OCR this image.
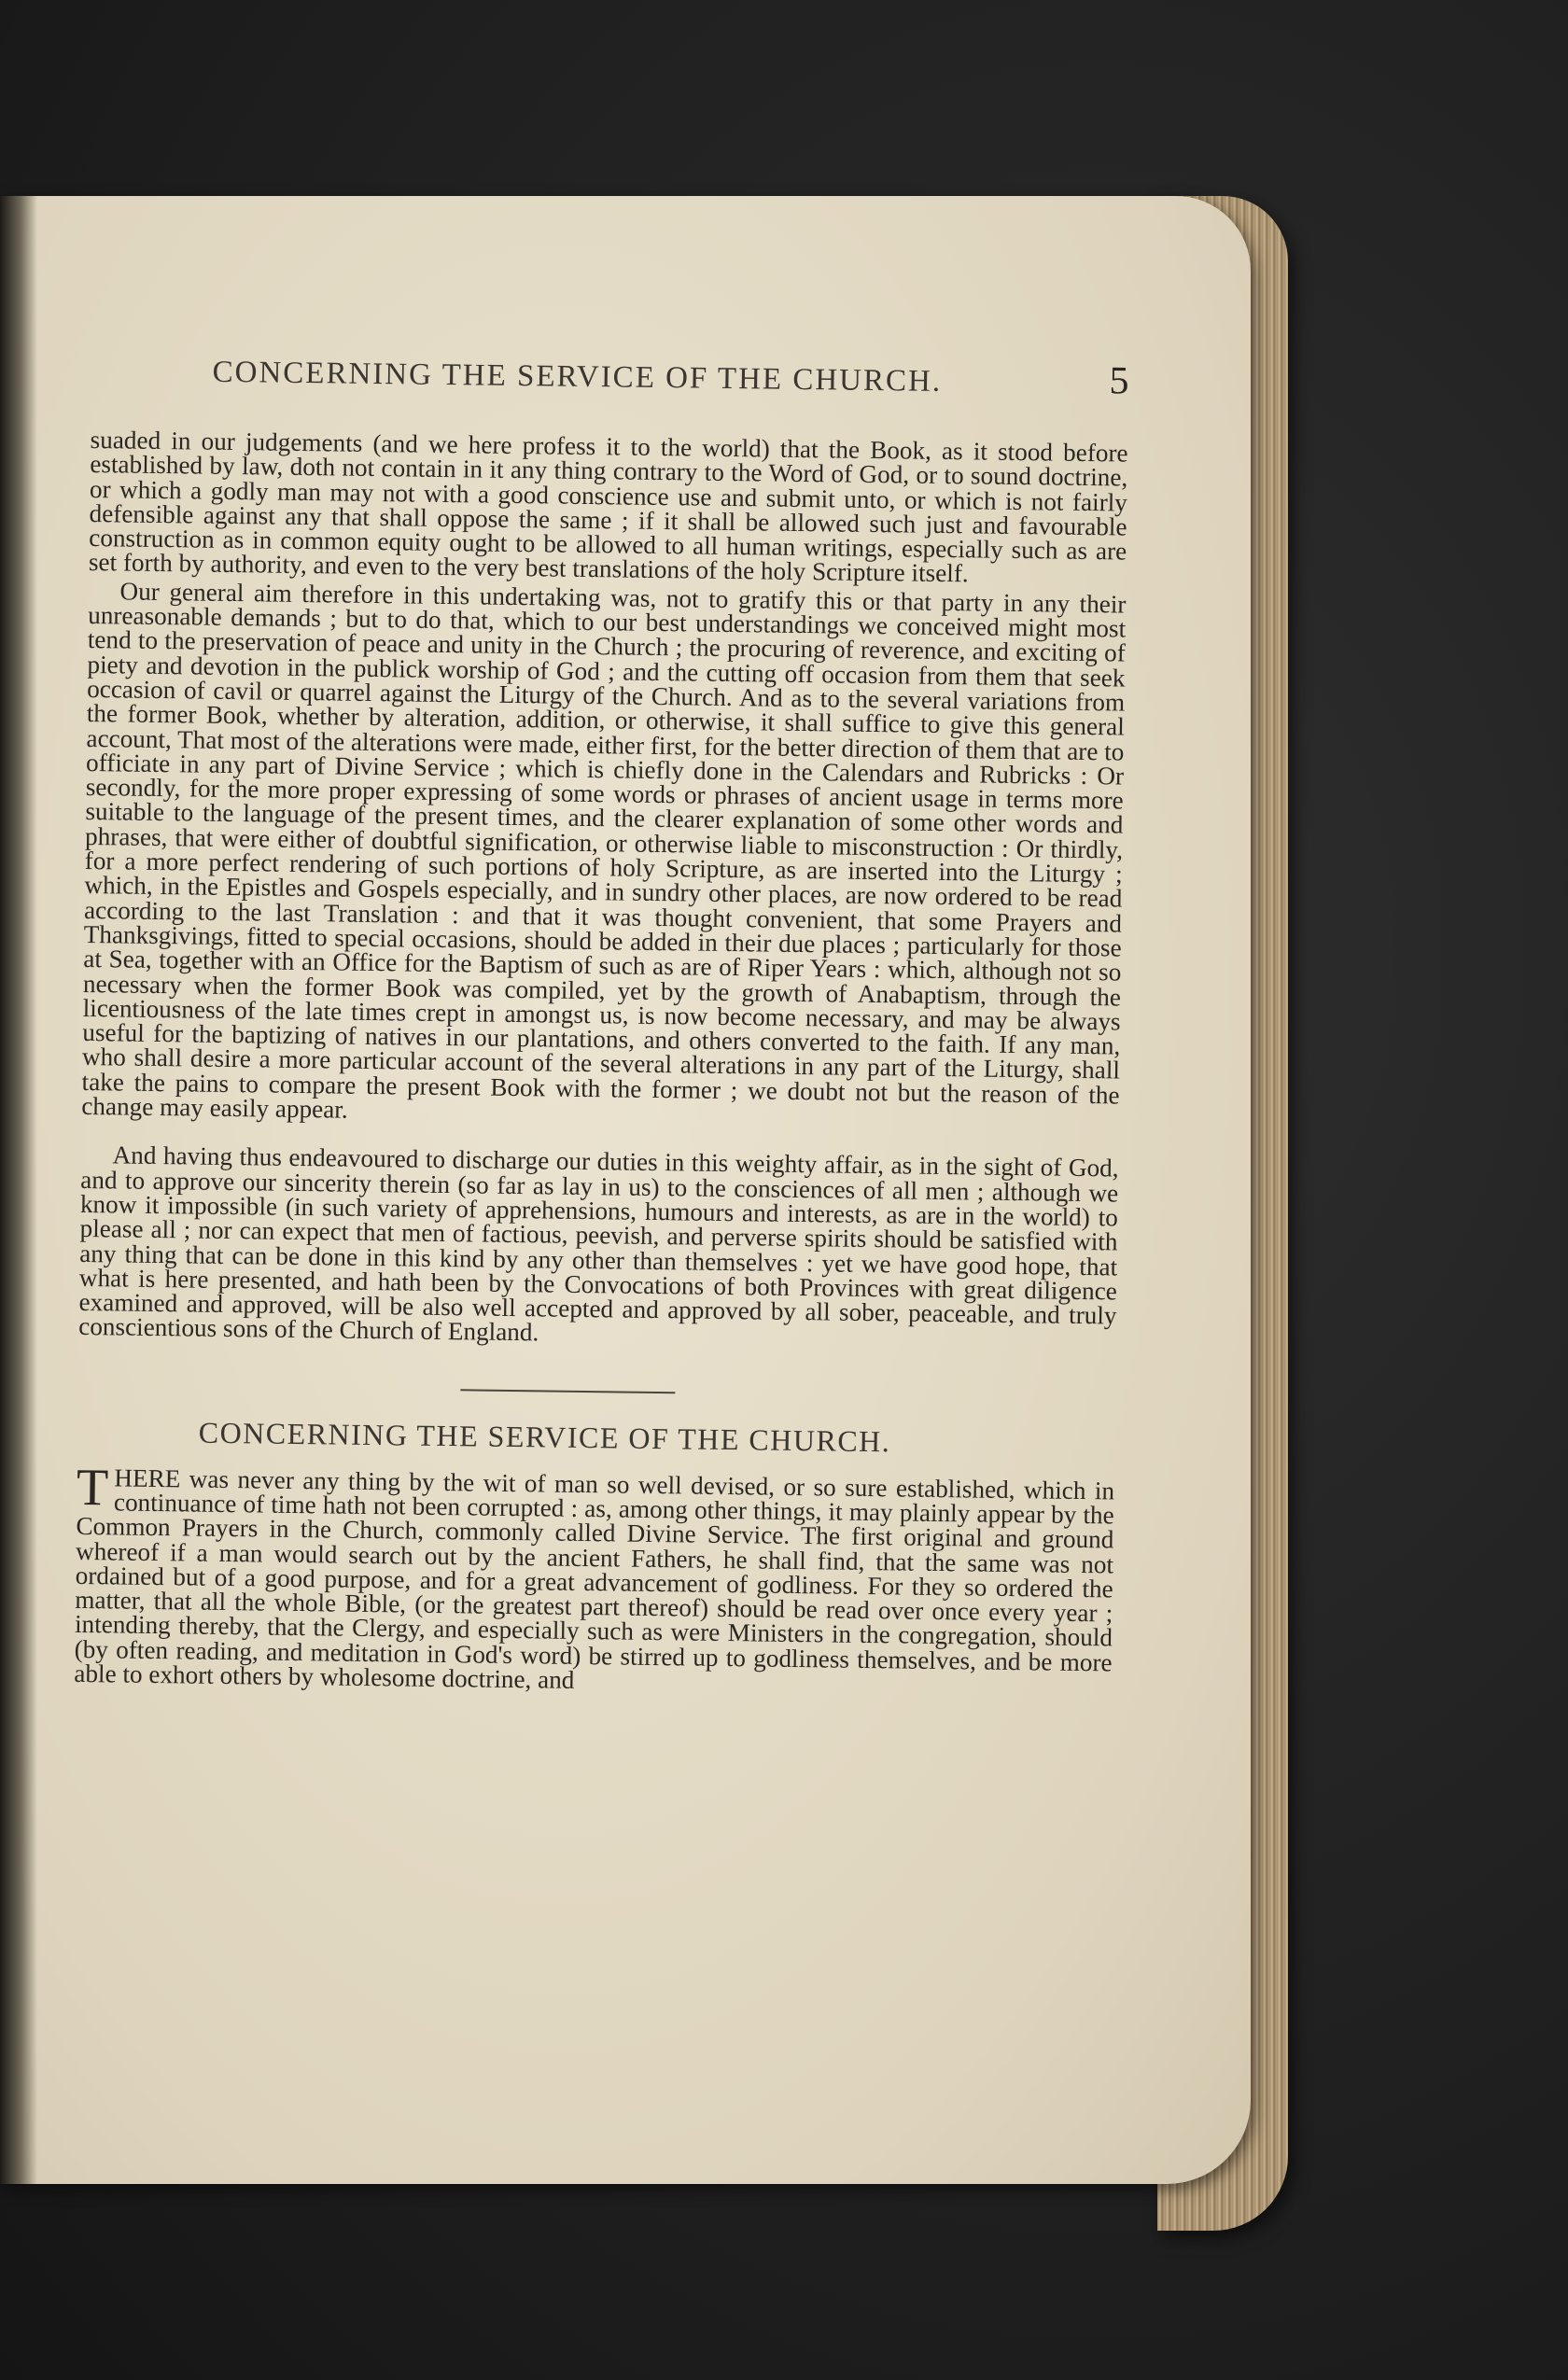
CONCERNING THE SERVICE OF THE CHURCH.	5

suaded in our judgements (and we here profess it to the world) that the Book, as it stood before established by law, doth not contain in it any thing contrary to the Word of God, or to sound doctrine, or which a godly man may not with a good conscience use and submit unto, or which is not fairly defensible against any that shall oppose the same ; if it shall be allowed such just and favourable construction as in common equity ought to be allowed to all human writings, especially such as are set forth by authority, and even to the very best translations of the holy Scripture itself.

Our general aim therefore in this undertaking was, not to gratify this or that party in any their unreasonable demands ; but to do that, which to our best understandings we conceived might most tend to the preservation of peace and unity in the Church ; the procuring of reverence, and exciting of piety and devotion in the publick worship of God ; and the cutting off occasion from them that seek occasion of cavil or quarrel against the Liturgy of the Church. And as to the several variations from the former Book, whether by alteration, addition, or otherwise, it shall suffice to give this general account, That most of the alterations were made, either first, for the better direction of them that are to officiate in any part of Divine Service ; which is chiefly done in the Calendars and Rubricks : Or secondly, for the more proper expressing of some words or phrases of ancient usage in terms more suitable to the language of the present times, and the clearer explanation of some other words and phrases, that were either of doubtful signification, or otherwise liable to misconstruction : Or thirdly, for a more perfect rendering of such portions of holy Scripture, as are inserted into the Liturgy ; which, in the Epistles and Gospels especially, and in sundry other places, are now ordered to be read according to the last Translation : and that it was thought convenient, that some Prayers and Thanksgivings, fitted to special occasions, should be added in their due places ; particularly for those at Sea, together with an Office for the Baptism of such as are of Riper Years : which, although not so necessary when the former Book was compiled, yet by the growth of Anabaptism, through the licentiousness of the late times crept in amongst us, is now become necessary, and may be always useful for the baptizing of natives in our plantations, and others converted to the faith. If any man, who shall desire a more particular account of the several alterations in any part of the Liturgy, shall take the pains to compare the present Book with the former ; we doubt not but the reason of the change may easily appear.

And having thus endeavoured to discharge our duties in this weighty affair, as in the sight of God, and to approve our sincerity therein (so far as lay in us) to the consciences of all men ; although we know it impossible (in such variety of apprehensions, humours and interests, as are in the world) to please all ; nor can expect that men of factious, peevish, and perverse spirits should be satisfied with any thing that can be done in this kind by any other than themselves : yet we have good hope, that what is here presented, and hath been by the Convocations of both Provinces with great diligence examined and approved, will be also well accepted and approved by all sober, peaceable, and truly conscientious sons of the Church of England.

CONCERNING THE SERVICE OF THE CHURCH.

THERE was never any thing by the wit of man so well devised, or so sure established, which in continuance of time hath not been corrupted : as, among other things, it may plainly appear by the Common Prayers in the Church, commonly called Divine Service. The first original and ground whereof if a man would search out by the ancient Fathers, he shall find, that the same was not ordained but of a good purpose, and for a great advancement of godliness. For they so ordered the matter, that all the whole Bible, (or the greatest part thereof) should be read over once every year ; intending thereby, that the Clergy, and especially such as were Ministers in the congregation, should (by often reading, and meditation in God's word) be stirred up to godliness themselves, and be more able to exhort others by wholesome doctrine, and
